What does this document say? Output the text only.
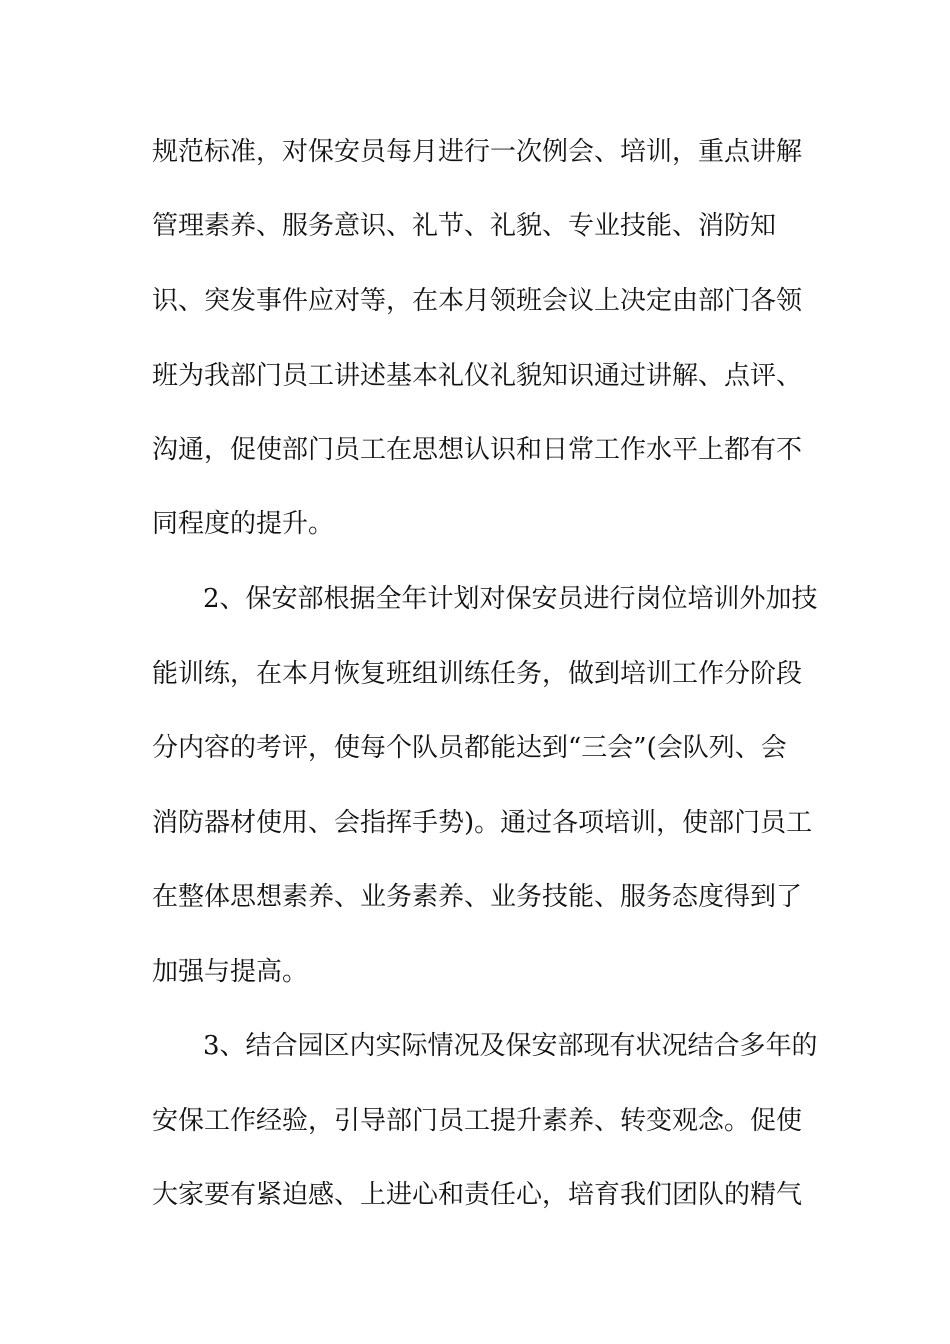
规范标准，对保安员每月进行一次例会、培训，重点讲解
管理素养、服务意识、礼节、礼貌、专业技能、消防知
识、突发事件应对等，在本月领班会议上决定由部门各领
班为我部门员工讲述基本礼仪礼貌知识通过讲解、点评、
沟通，促使部门员工在思想认识和日常工作水平上都有不
同程度的提升。
2、保安部根据全年计划对保安员进行岗位培训外加技
能训练，在本月恢复班组训练任务，做到培训工作分阶段
分内容的考评，使每个队员都能达到“三会”(会队列、会
消防器材使用、会指挥手势)。通过各项培训，使部门员工
在整体思想素养、业务素养、业务技能、服务态度得到了
加强与提高。
3、结合园区内实际情况及保安部现有状况结合多年的
安保工作经验，引导部门员工提升素养、转变观念。促使
大家要有紧迫感、上进心和责任心，培育我们团队的精气
